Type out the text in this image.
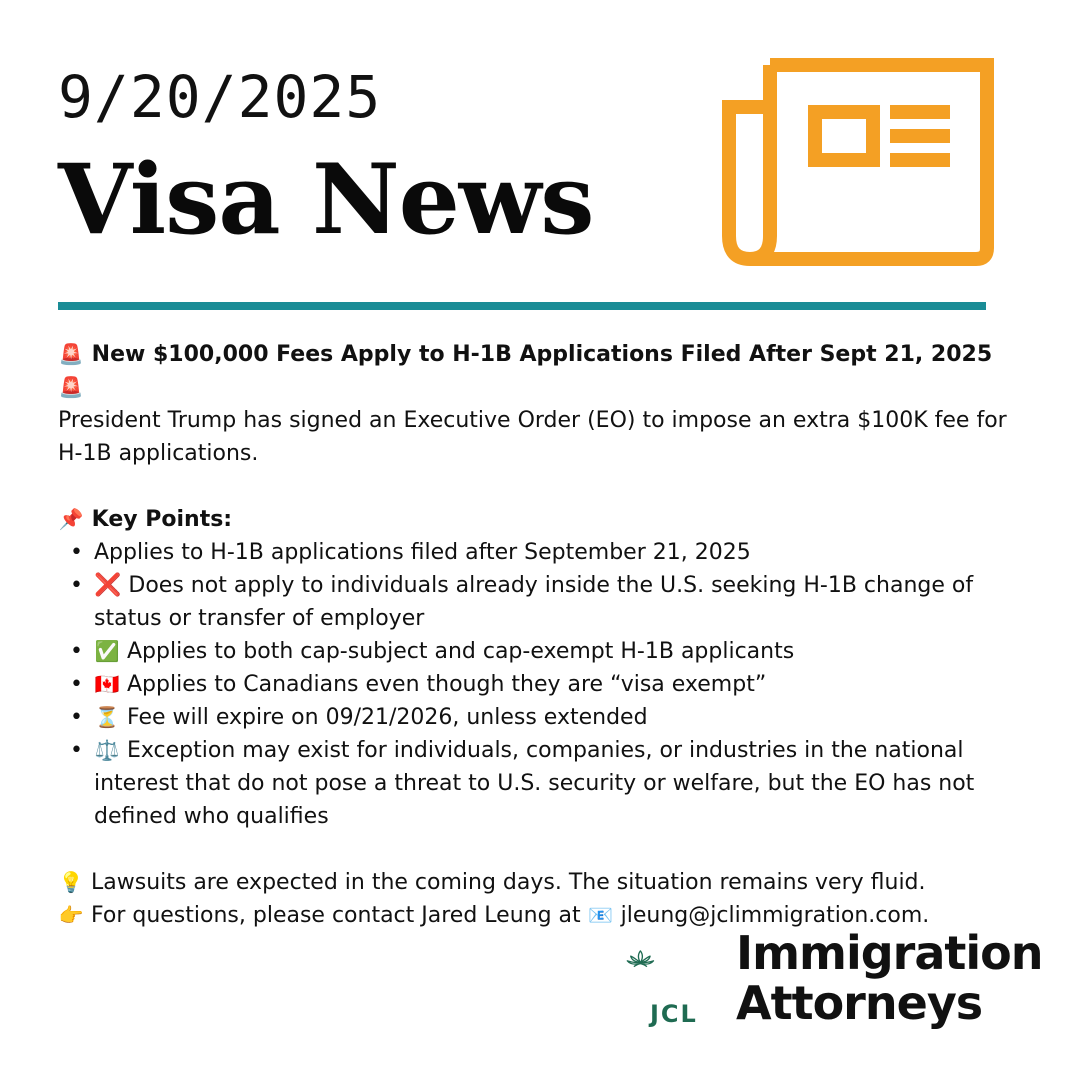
9/20/2025
Visa News
🚨 New $100,000 Fees Apply to H-1B Applications Filed After Sept 21, 2025 🚨
President Trump has signed an Executive Order (EO) to impose an extra $100K fee for H-1B applications.
📌 Key Points:
• Applies to H-1B applications filed after September 21, 2025
• ❌ Does not apply to individuals already inside the U.S. seeking H-1B change of status or transfer of employer
• ✅ Applies to both cap-subject and cap-exempt H-1B applicants
• 🇨🇦 Applies to Canadians even though they are “visa exempt”
• ⏳ Fee will expire on 09/21/2026, unless extended
• ⚖️ Exception may exist for individuals, companies, or industries in the national interest that do not pose a threat to U.S. security or welfare, but the EO has not defined who qualifies
💡 Lawsuits are expected in the coming days. The situation remains very fluid.
👉 For questions, please contact Jared Leung at 📧 jleung@jclimmigration.com.
JCL
Immigration
Attorneys
